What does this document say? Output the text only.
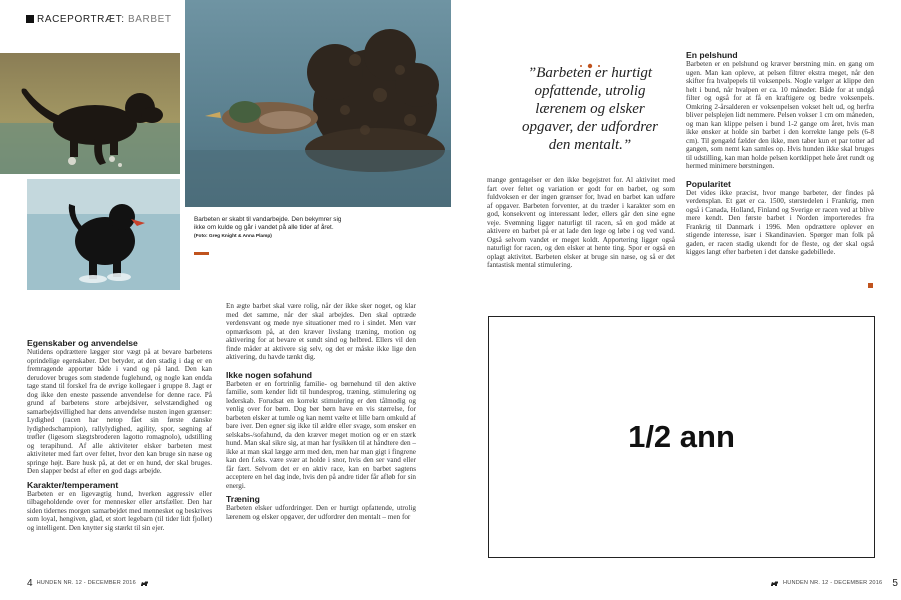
RACEPORTRÆT: BARBET
Barbeten er skabt til vandarbejde. Den bekymrer sig ikke om kulde og går i vandet på alle tider af året. (Foto: Greg Knight & Anna Plamp)

Egenskaber og anvendelse

Nutidens opdrættere lægger stor vægt på at bevare barbetens oprindelige egenskaber. Det betyder, at den stadig i dag er en fremragende apportør både i vand og på land. Den kan derudover bruges som stødende fuglehund, og nogle kan endda tage stand til forskel fra de øvrige kollegaer i gruppe 8. Jagt er dog ikke den eneste passende anvendelse for denne race. På grund af barbetens store arbejdsiver, selvstændighed og samarbejdsvillighed har dens anvendelse nusten ingen grænser: Lydighed (racen har netop fået sin første danske lydighedschampion), rallylydighed, agility, spor, søgning af trøfler (ligesom slægtsbroderen lagotto romagnolo), udstilling og terapihund. Af alle aktiviteter elsker barbeten mest aktiviteter med fart over feltet, hvor den kan bruge sin næse og springe højt. Bare husk på, at det er en hund, der skal bruges. Den slapper bedst af efter en god dags arbejde.

Karakter/temperament

Barbeten er en ligevægtig hund, hverken aggressiv eller tilbageholdende over for mennesker eller artsfæller. Den har siden tidernes morgen samarbejdet med mennesket og beskrives som loyal, hengiven, glad, et stort legebarn (til tider lidt fjollet) og intelligent. Den knytter sig stærkt til sin ejer.
En ægte barbet skal være rolig, når der ikke sker noget, og klar med det samme, når der skal arbejdes. Den skal optræde verdensvant og møde nye situationer med ro i sindet. Men vær opmærksom på, at den kræver livslang træning, motion og aktivering for at bevare et sundt sind og helbred. Ellers vil den finde måder at aktivere sig selv, og det er måske ikke lige den aktivering, du havde tænkt dig.

Ikke nogen sofahund

Barbeten er en fortrinlig familie- og børnehund til den aktive familie, som kender lidt til hundesprog, træning, stimulering og lederskab. Forudsat en korrekt stimulering er den tålmodig og venlig over for børn. Dog bør børn have en vis størrelse, for barbeten elsker at tumle og kan nemt vælte et lille barn omkuld af bare iver. Den egner sig ikke til ældre eller svage, som ønsker en selskabs-/sofahund, da den kræver meget motion og er en stærk hund. Man skal sikre sig, at man har fysikken til at håndtere den – ikke at man skal lægge arm med den, men har man gigt i fingrene kan den f.eks. være svær at holde i snor, hvis den ser vand eller får fært. Selvom det er en aktiv race, kan en barbet sagtens acceptere en hel dag inde, hvis den på andre tider får afløb for sin energi.

Træning

Barbeten elsker udfordringer. Den er hurtigt opfattende, utrolig lærenem og elsker opgaver, der udfordrer den mentalt – men for
”Barbeten er hurtigt opfattende, utrolig lærenem og elsker opgaver, der udfordrer den mentalt.”
mange gentagelser er den ikke begejstret for. Al aktivitet med fart over feltet og variation er godt for en barbet, og som fuldvoksen er der ingen grænser for, hvad en barbet kan udføre af opgaver. Barbeten forventer, at du træder i karakter som en god, konsekvent og interessant leder, ellers går den sine egne veje. Svømning ligger naturligt til racen, så en god måde at aktivere en barbet på er at lade den lege og løbe i og ved vand. Også selvom vandet er meget koldt. Apportering ligger også naturligt for racen, og den elsker at hente ting. Spor er også en oplagt aktivitet. Barbeten elsker at bruge sin næse, og så er det fantastisk mental stimulering.

En pelshund

Barbeten er en pelshund og kræver børstning min. en gang om ugen. Man kan opleve, at pelsen filtrer ekstra meget, når den skifter fra hvalpepels til voksenpels. Nogle vælger at klippe den helt i bund, når hvalpen er ca. 10 måneder. Både for at undgå filter og også for at få en kraftigere og bedre voksenpels. Omkring 2-årsalderen er voksenpelsen vokset helt ud, og herfra bliver pelsplejen lidt nemmere. Pelsen vokser 1 cm om måneden, og man kan klippe pelsen i bund 1-2 gange om året, hvis man ikke ønsker at holde sin barbet i den korrekte lange pels (6-8 cm). Til gengæld fælder den ikke, men taber kun et par totter ad gangen, som nemt kan samles op. Hvis hunden ikke skal bruges til udstilling, kan man holde pelsen kortklippet hele året rundt og hermed minimere børstningen.

Popularitet

Det vides ikke præcist, hvor mange barbeter, der findes på verdensplan. Et gæt er ca. 1500, størstedelen i Frankrig, men også i Canada, Holland, Finland og Sverige er racen ved at blive mere kendt. Den første barbet i Norden importeredes fra Frankrig til Danmark i 1996. Men opdrættere oplever en stigende interesse, især i Skandinavien. Spørger man folk på gaden, er racen stadig ukendt for de fleste, og der skal også kigges langt efter barbeten i det danske gadebillede.
1/2 ann
4 HUNDEN NR. 12 - DECEMBER 2016	HUNDEN NR. 12 - DECEMBER 2016 5
